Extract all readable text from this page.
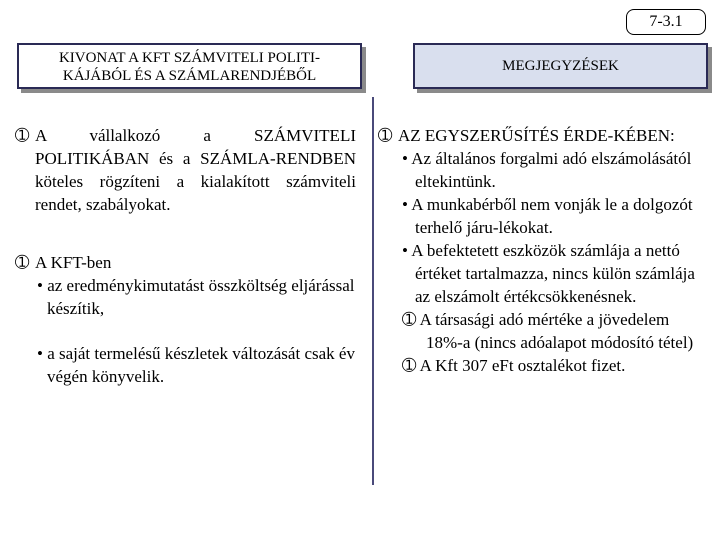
7-3.1
KIVONAT A KFT SZÁMVITELI POLITI-
KÁJÁBÓL ÉS A SZÁMLARENDJÉBŐL
MEGJEGYZÉSEK
➀ A vállalkozó a SZÁMVITELI POLITIKÁBAN és a SZÁMLA-RENDBEN köteles rögzíteni a kialakított számviteli rendet, szabályokat.
➀ A KFT-ben
• az eredménykimutatást összköltség eljárással készítik,
• a saját termelésű készletek változását csak év végén könyvelik.
➀ AZ EGYSZERŰSÍTÉS ÉRDE-KÉBEN:
• Az általános forgalmi adó elszámolásától eltekintünk.
• A munkabérből nem vonják le a dolgozót terhelő járu-lékokat.
• A befektetett eszközök számlája a nettó értéket tartalmazza, nincs külön számlája az elszámolt értékcsökkenésnek.
➀ A társasági adó mértéke a jövedelem 18%-a (nincs adóalapot módosító tétel)
➀ A Kft 307 eFt osztalékot fizet.
